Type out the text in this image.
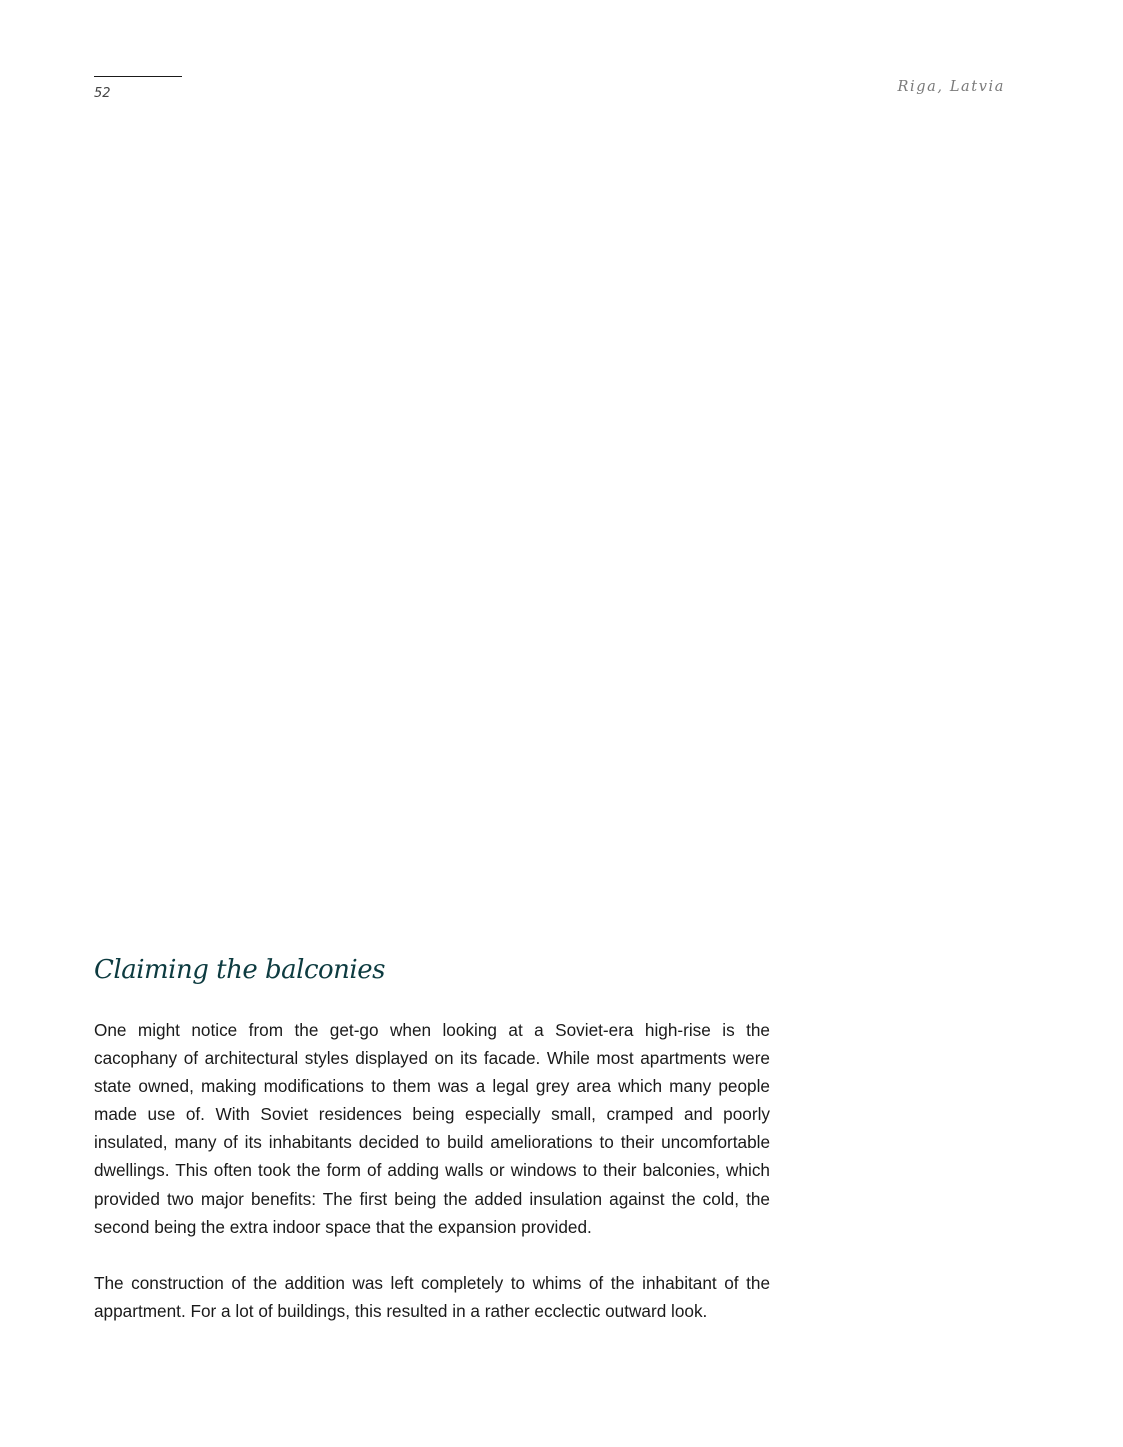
52	Riga, Latvia
Claiming the balconies

One might notice from the get-go when looking at a Soviet-era high-rise is the cacophany of architectural styles displayed on its facade. While most apartments were state owned, making modifications to them was a legal grey area which many people made use of. With Soviet residences being especially small, cramped and poorly insulated, many of its inhabitants decided to build ameliorations to their uncomfortable dwellings. This often took the form of adding walls or windows to their balconies, which provided two major benefits: The first being the added insulation against the cold, the second being the extra indoor space that the expansion provided.

The construction of the addition was left completely to whims of the inhabitant of the appartment. For a lot of buildings, this resulted in a rather ecclectic outward look.
